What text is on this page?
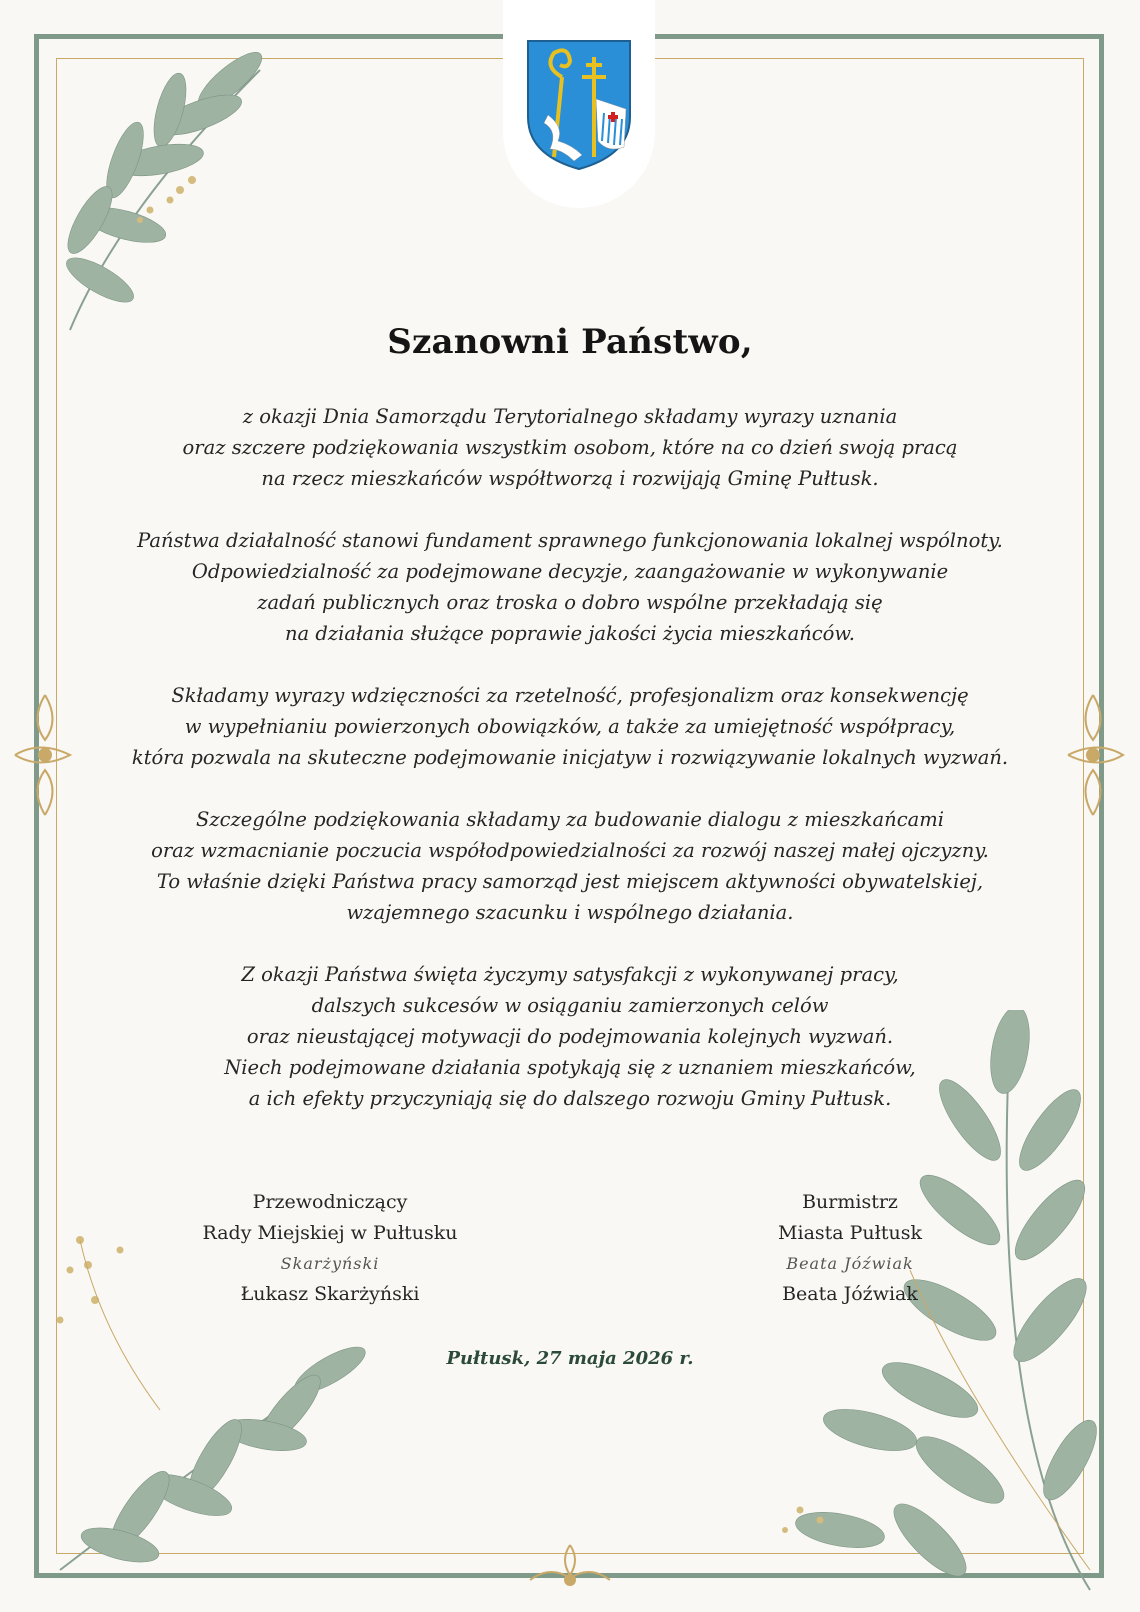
Szanowni Państwo,

z okazji Dnia Samorządu Terytorialnego składamy wyrazy uznania
oraz szczere podziękowania wszystkim osobom, które na co dzień swoją pracą
na rzecz mieszkańców współtworzą i rozwijają Gminę Pułtusk.

Państwa działalność stanowi fundament sprawnego funkcjonowania lokalnej wspólnoty.
Odpowiedzialność za podejmowane decyzje, zaangażowanie w wykonywanie
zadań publicznych oraz troska o dobro wspólne przekładają się
na działania służące poprawie jakości życia mieszkańców.

Składamy wyrazy wdzięczności za rzetelność, profesjonalizm oraz konsekwencję
w wypełnianiu powierzonych obowiązków, a także za umiejętność współpracy,
która pozwala na skuteczne podejmowanie inicjatyw i rozwiązywanie lokalnych wyzwań.

Szczególne podziękowania składamy za budowanie dialogu z mieszkańcami
oraz wzmacnianie poczucia współodpowiedzialności za rozwój naszej małej ojczyzny.
To właśnie dzięki Państwa pracy samorząd jest miejscem aktywności obywatelskiej,
wzajemnego szacunku i wspólnego działania.

Z okazji Państwa święta życzymy satysfakcji z wykonywanej pracy,
dalszych sukcesów w osiąganiu zamierzonych celów
oraz nieustającej motywacji do podejmowania kolejnych wyzwań.
Niech podejmowane działania spotykają się z uznaniem mieszkańców,
a ich efekty przyczyniają się do dalszego rozwoju Gminy Pułtusk.

Przewodniczący
Rady Miejskiej w Pułtusku
Skarżyński
Łukasz Skarżyński
Burmistrz
Miasta Pułtusk
Beata Jóźwiak
Beata Jóźwiak
Pułtusk, 27 maja 2026 r.
